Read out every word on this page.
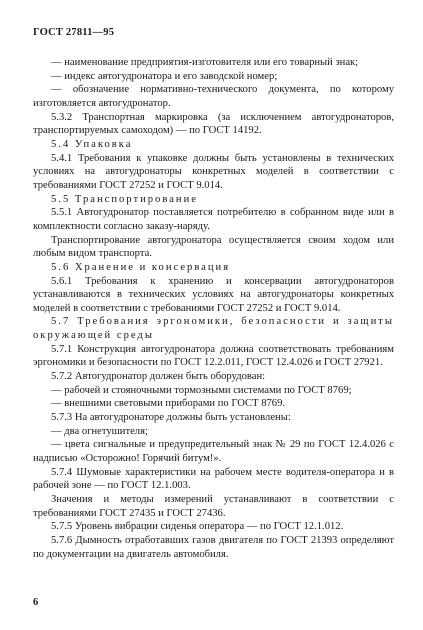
ГОСТ 27811—95

— наименование предприятия-изготовителя или его товарный знак;

— индекс автогудронатора и его заводской номер;

— обозначение нормативно-технического документа, по которому изготовляется автогудронатор.

5.3.2 Транспортная маркировка (за исключением автогудронаторов, транспортируемых самоходом) — по ГОСТ 14192.

5.4 Упаковка

5.4.1 Требования к упаковке должны быть установлены в технических условиях на автогудронаторы конкретных моделей в соответствии с требованиями ГОСТ 27252 и ГОСТ 9.014.

5.5 Транспортирование

5.5.1 Автогудронатор поставляется потребителю в собранном виде или в комплектности согласно заказу-наряду.

Транспортирование автогудронатора осуществляется своим ходом или любым видом транспорта.

5.6 Хранение и консервация

5.6.1 Требования к хранению и консервации автогудронаторов устанавливаются в технических условиях на автогудронаторы конкретных моделей в соответствии с требованиями ГОСТ 27252 и ГОСТ 9.014.

5.7 Требования эргономики, безопасности и защиты окружающей среды

5.7.1 Конструкция автогудронатора должна соответствовать требованиям эргономики и безопасности по ГОСТ 12.2.011, ГОСТ 12.4.026 и ГОСТ 27921.

5.7.2 Автогудронатор должен быть оборудован:

— рабочей и стояночными тормозными системами по ГОСТ 8769;

— внешними световыми приборами по ГОСТ 8769.

5.7.3 На автогудронаторе должны быть установлены:

— два огнетушителя;

— цвета сигнальные и предупредительный знак № 29 по ГОСТ 12.4.026 с надписью «Осторожно! Горячий битум!».

5.7.4 Шумовые характеристики на рабочем месте водителя-оператора и в рабочей зоне — по ГОСТ 12.1.003.

Значения и методы измерений устанавливают в соответствии с требованиями ГОСТ 27435 и ГОСТ 27436.

5.7.5 Уровень вибрации сиденья оператора — по ГОСТ 12.1.012.

5.7.6 Дымность отработавших газов двигателя по ГОСТ 21393 определяют по документации на двигатель автомобиля.

6
